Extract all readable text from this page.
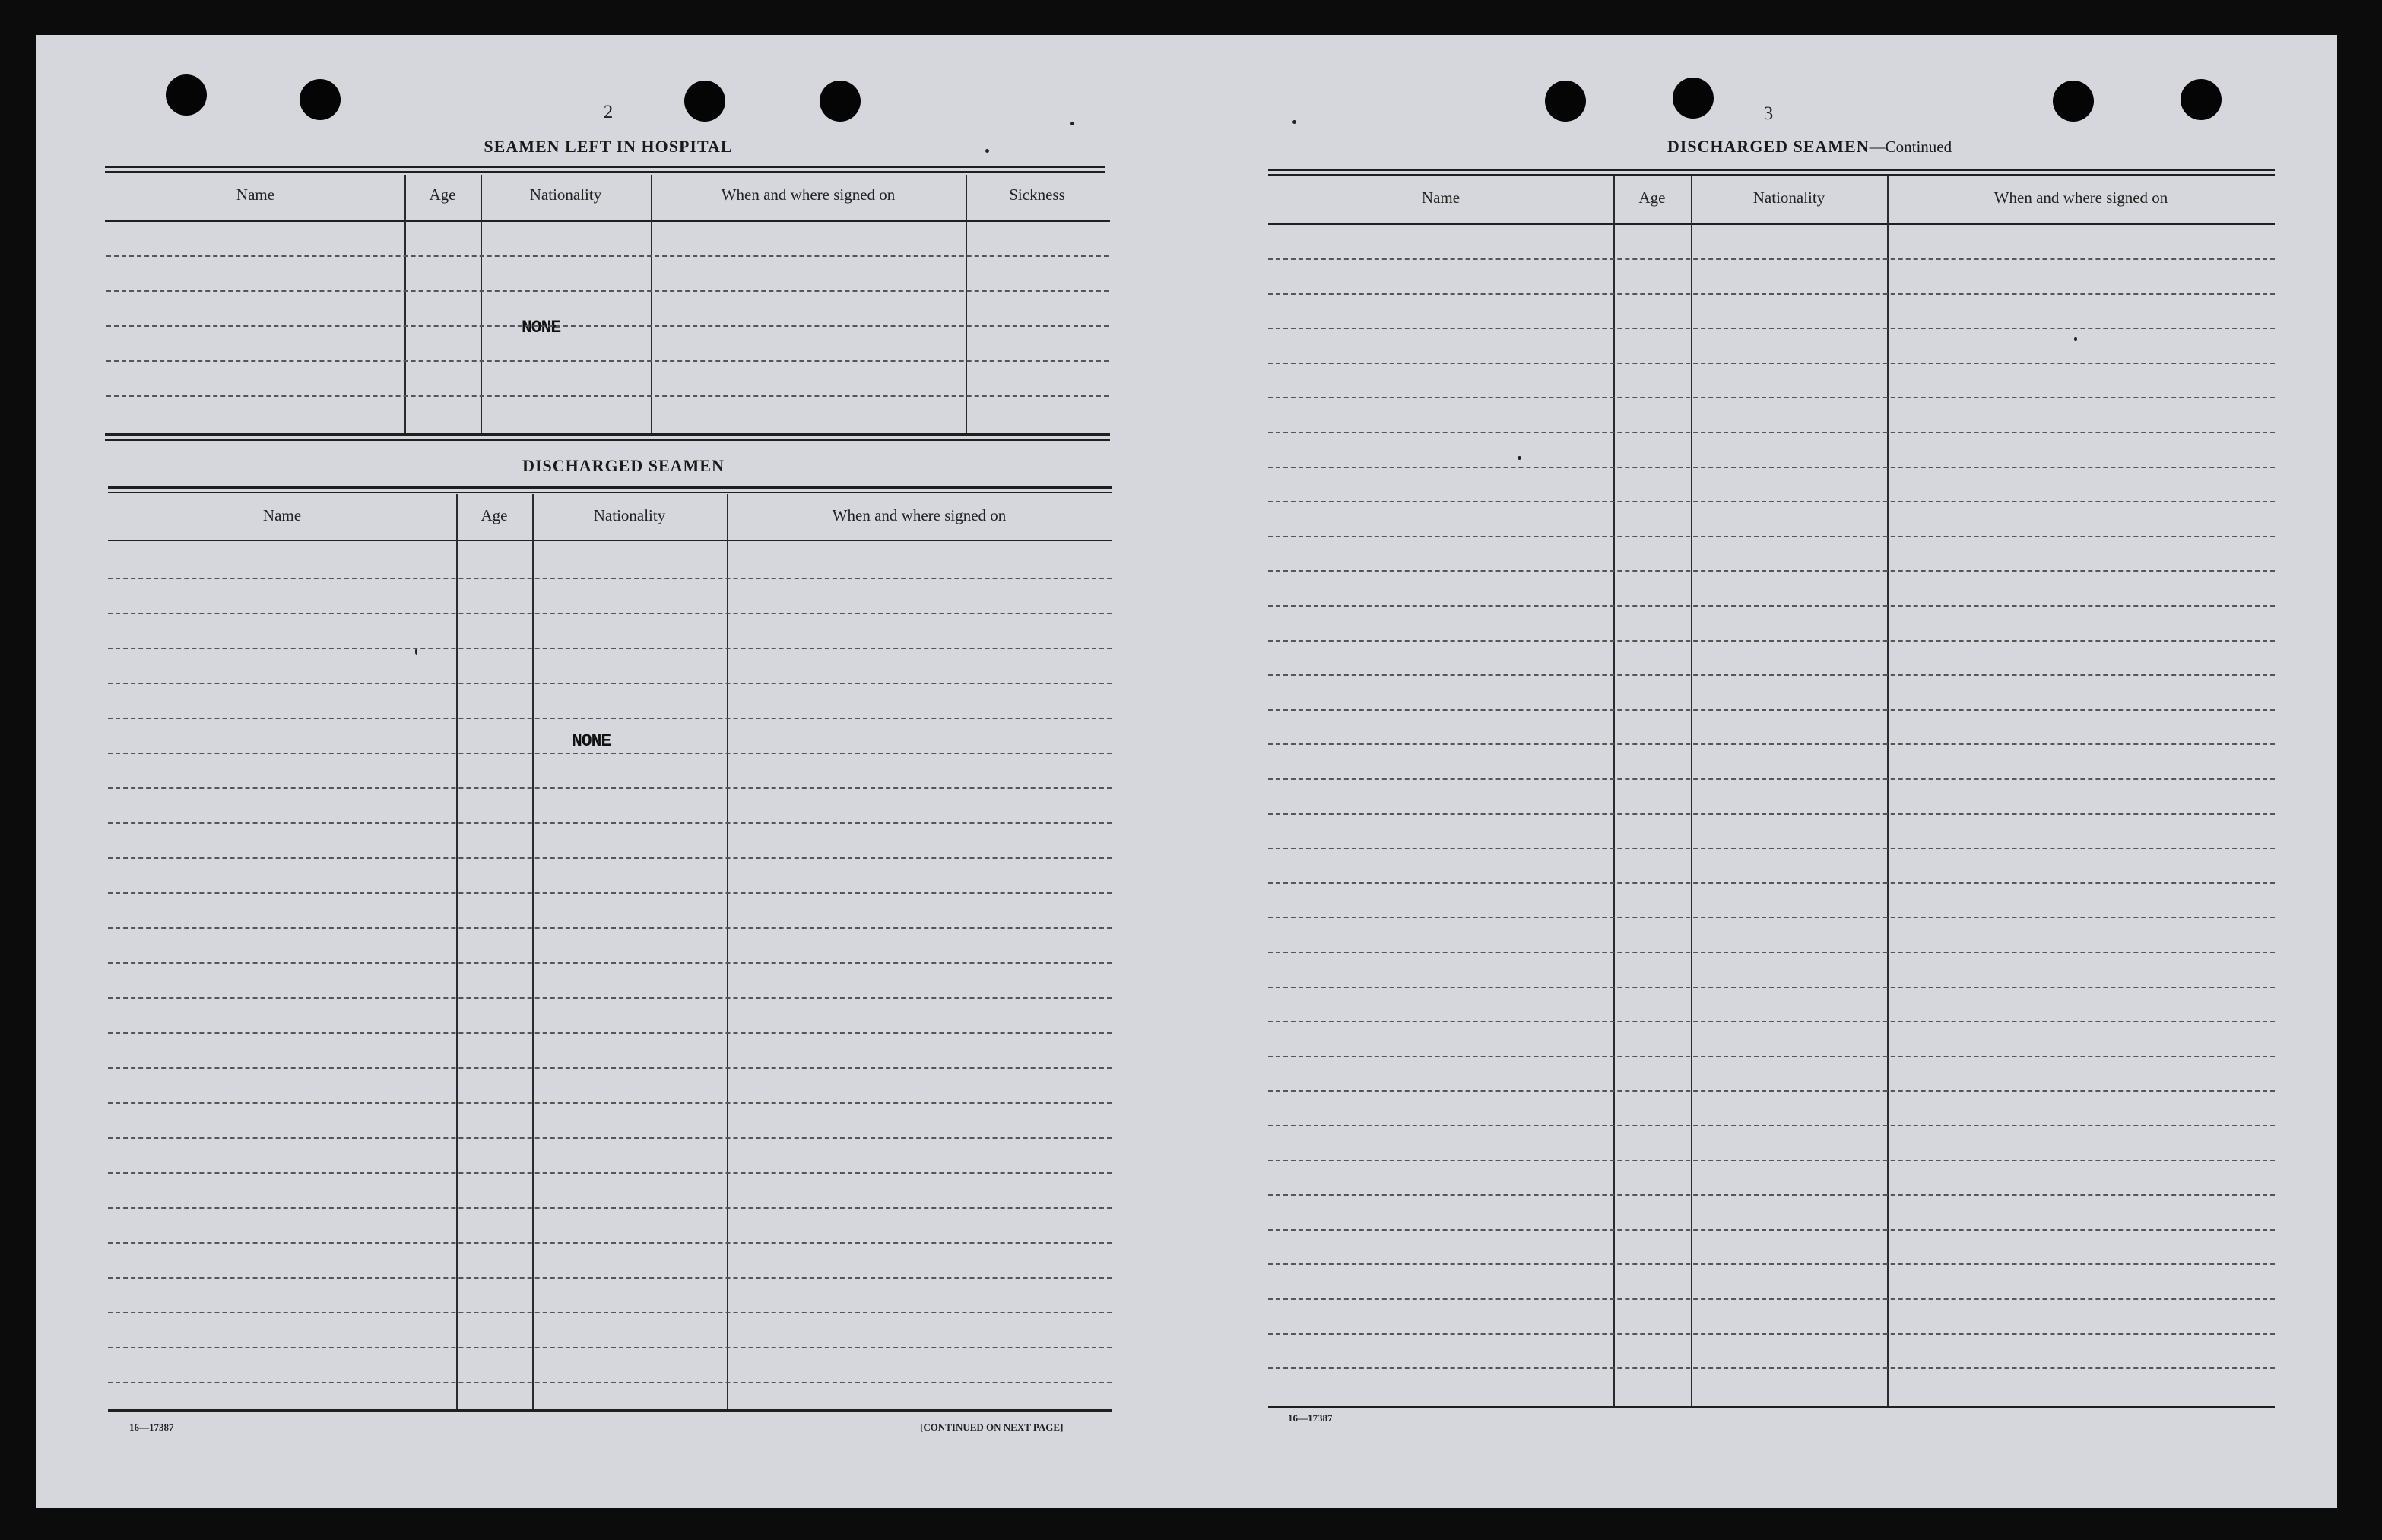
2
SEAMEN LEFT IN HOSPITAL
NONE
DISCHARGED SEAMEN
NONE
16—17387	[CONTINUED ON NEXT PAGE]
3
DISCHARGED SEAMEN—Continued
16—17387
Name	Age	Nationality	When and where signed on	Sickness
Name	Age	Nationality	When and where signed on
Name	Age	Nationality	When and where signed on
